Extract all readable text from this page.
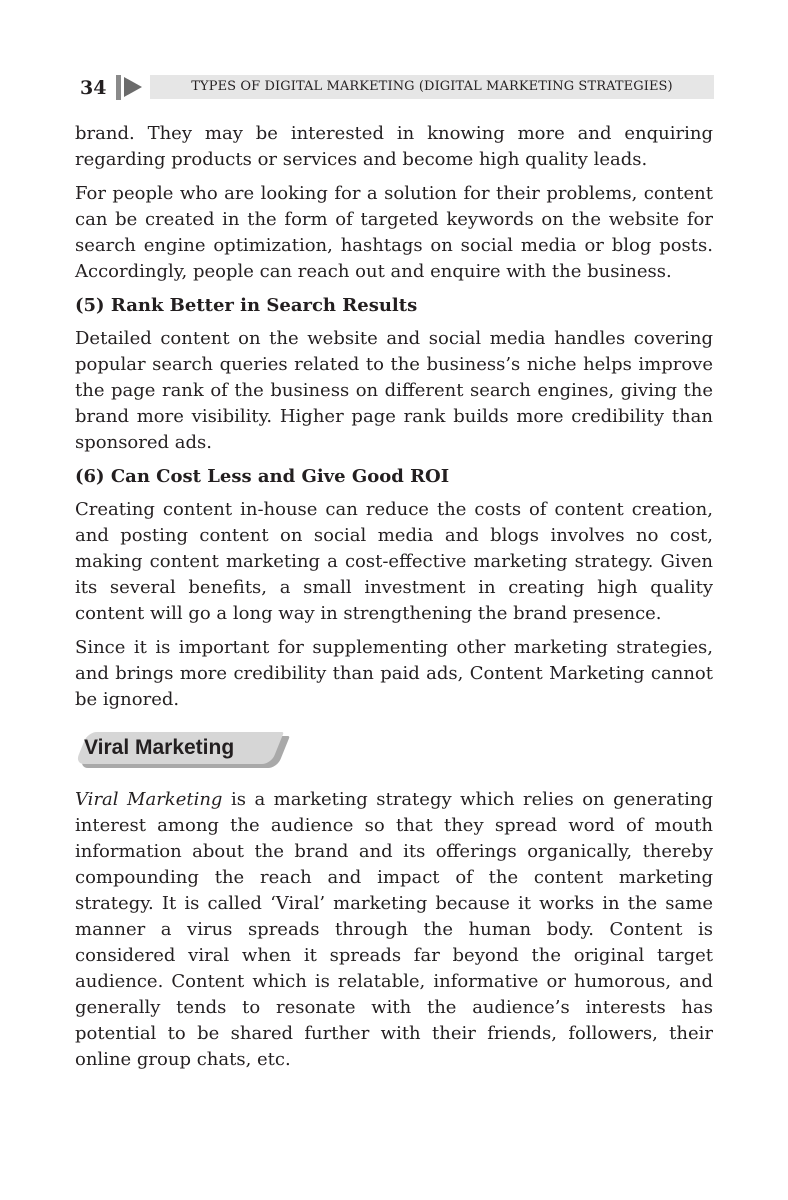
34	TYPES OF DIGITAL MARKETING (DIGITAL MARKETING STRATEGIES)

brand. They may be interested in knowing more and enquiring regarding products or services and become high quality leads.

For people who are looking for a solution for their problems, content can be created in the form of targeted keywords on the website for search engine optimization, hashtags on social media or blog posts. Accordingly, people can reach out and enquire with the business.

(5) Rank Better in Search Results

Detailed content on the website and social media handles covering popular search queries related to the business’s niche helps improve the page rank of the business on different search engines, giving the brand more visibility. Higher page rank builds more credibility than sponsored ads.

(6) Can Cost Less and Give Good ROI

Creating content in-house can reduce the costs of content creation, and posting content on social media and blogs involves no cost, making content marketing a cost-effective marketing strategy. Given its several benefits, a small investment in creating high quality content will go a long way in strengthening the brand presence.

Since it is important for supplementing other marketing strategies, and brings more credibility than paid ads, Content Marketing cannot be ignored.

Viral Marketing

Viral Marketing is a marketing strategy which relies on generating interest among the audience so that they spread word of mouth information about the brand and its offerings organically, thereby compounding the reach and impact of the content marketing strategy. It is called ‘Viral’ marketing because it works in the same manner a virus spreads through the human body. Content is considered viral when it spreads far beyond the original target audience. Content which is relatable, informative or humorous, and generally tends to resonate with the audience’s interests has potential to be shared further with their friends, followers, their online group chats, etc.
